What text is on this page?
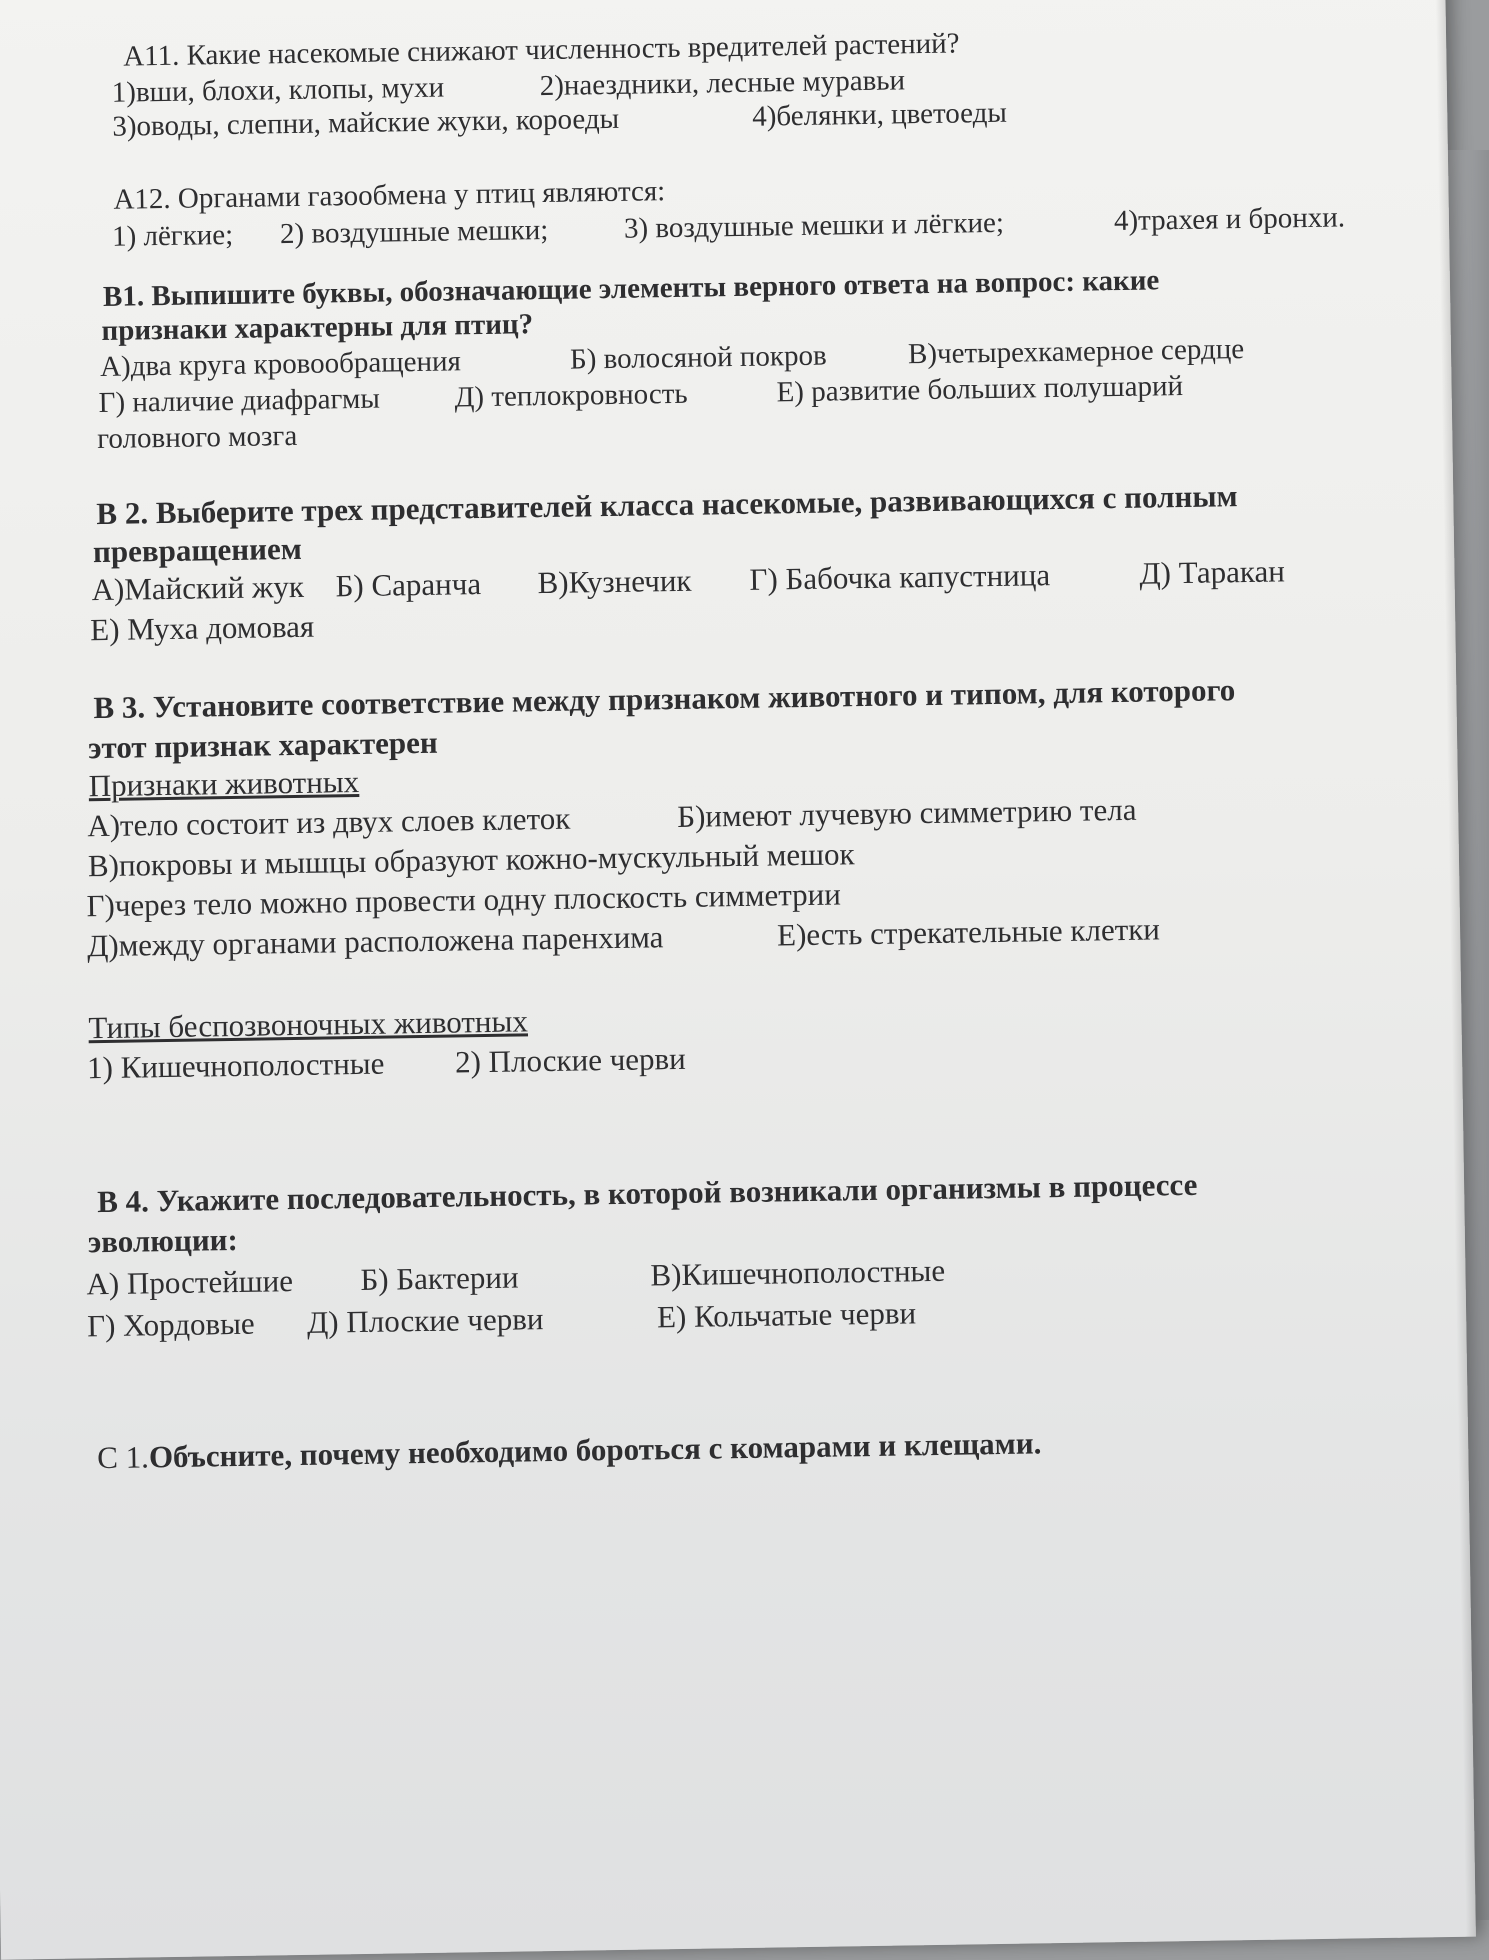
А11. Какие насекомые снижают численность вредителей растений?
1)вши, блохи, клопы, мухи	2)наездники, лесные муравьи
3)оводы, слепни, майские жуки, короеды	4)белянки, цветоеды
А12. Органами газообмена у птиц являются:
1) лёгкие; 2) воздушные мешки;	3) воздушные мешки и лёгкие;	4)трахея и бронхи.
В1. Выпишите буквы, обозначающие элементы верного ответа на вопрос: какие
признаки характерны для птиц?
А)два круга кровообращения	Б) волосяной покров	В)четырехкамерное сердце
Г) наличие диафрагмы	Д) теплокровность	Е) развитие больших полушарий
головного мозга
В 2. Выберите трех представителей класса насекомые, развивающихся с полным
превращением
А)Майский жук Б) Саранча В)Кузнечик Г) Бабочка капустница	Д) Таракан
Е) Муха домовая
В 3. Установите соответствие между признаком животного и типом, для которого
этот признак характерен
Признаки животных
А)тело состоит из двух слоев клеток	Б)имеют лучевую симметрию тела
В)покровы и мышцы образуют кожно-мускульный мешок
Г)через тело можно провести одну плоскость симметрии
Д)между органами расположена паренхима	Е)есть стрекательные клетки
Типы беспозвоночных животных
1) Кишечнополостные 2) Плоские черви
В 4. Укажите последовательность, в которой возникали организмы в процессе
эволюции:
А) Простейшие Б) Бактерии	В)Кишечнополостные
Г) Хордовые Д) Плоские черви	Е) Кольчатые черви
С 1.Объсните, почему необходимо бороться с комарами и клещами.
